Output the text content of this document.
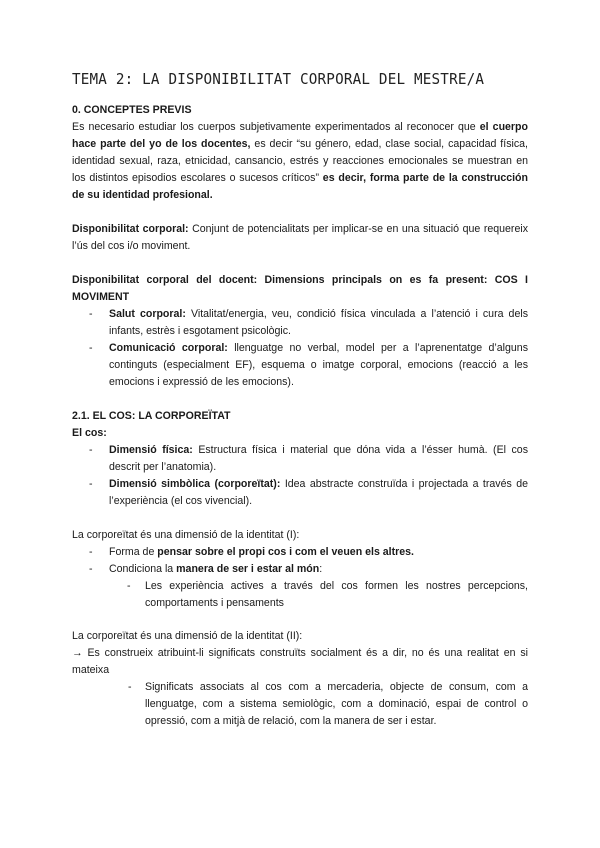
TEMA 2: LA DISPONIBILITAT CORPORAL DEL MESTRE/A
0. CONCEPTES PREVIS
Es necesario estudiar los cuerpos subjetivamente experimentados al reconocer que el cuerpo hace parte del yo de los docentes, es decir “su género, edad, clase social, capacidad física, identidad sexual, raza, etnicidad, cansancio, estrés y reacciones emocionales se muestran en los distintos episodios escolares o sucesos críticos” es decir, forma parte de la construcción de su identidad profesional.
Disponibilitat corporal: Conjunt de potencialitats per implicar-se en una situació que requereix l’ús del cos i/o moviment.
Disponibilitat corporal del docent: Dimensions principals on es fa present: COS I MOVIMENT
- Salut corporal: Vitalitat/energia, veu, condició física vinculada a l’atenció i cura dels infants, estrès i esgotament psicològic.
- Comunicació corporal: llenguatge no verbal, model per a l’aprenentatge d’alguns continguts (especialment EF), esquema o imatge corporal, emocions (reacció a les emocions i expressió de les emocions).
2.1. EL COS: LA CORPOREÏTAT
El cos:
- Dimensió física: Estructura física i material que dóna vida a l’ésser humà. (El cos descrit per l’anatomia).
- Dimensió simbòlica (corporeïtat): Idea abstracte construïda i projectada a través de l’experiència (el cos vivencial).
La corporeïtat és una dimensió de la identitat (I):
- Forma de pensar sobre el propi cos i com el veuen els altres.
- Condiciona la manera de ser i estar al món:
- Les experiència actives a través del cos formen les nostres percepcions, comportaments i pensaments
La corporeïtat és una dimensió de la identitat (II):
→ Es construeix atribuint-li significats construïts socialment és a dir, no és una realitat en si mateixa
- Significats associats al cos com a mercaderia, objecte de consum, com a llenguatge, com a sistema semiològic, com a dominació, espai de control o opressió, com a mitjà de relació, com la manera de ser i estar.
